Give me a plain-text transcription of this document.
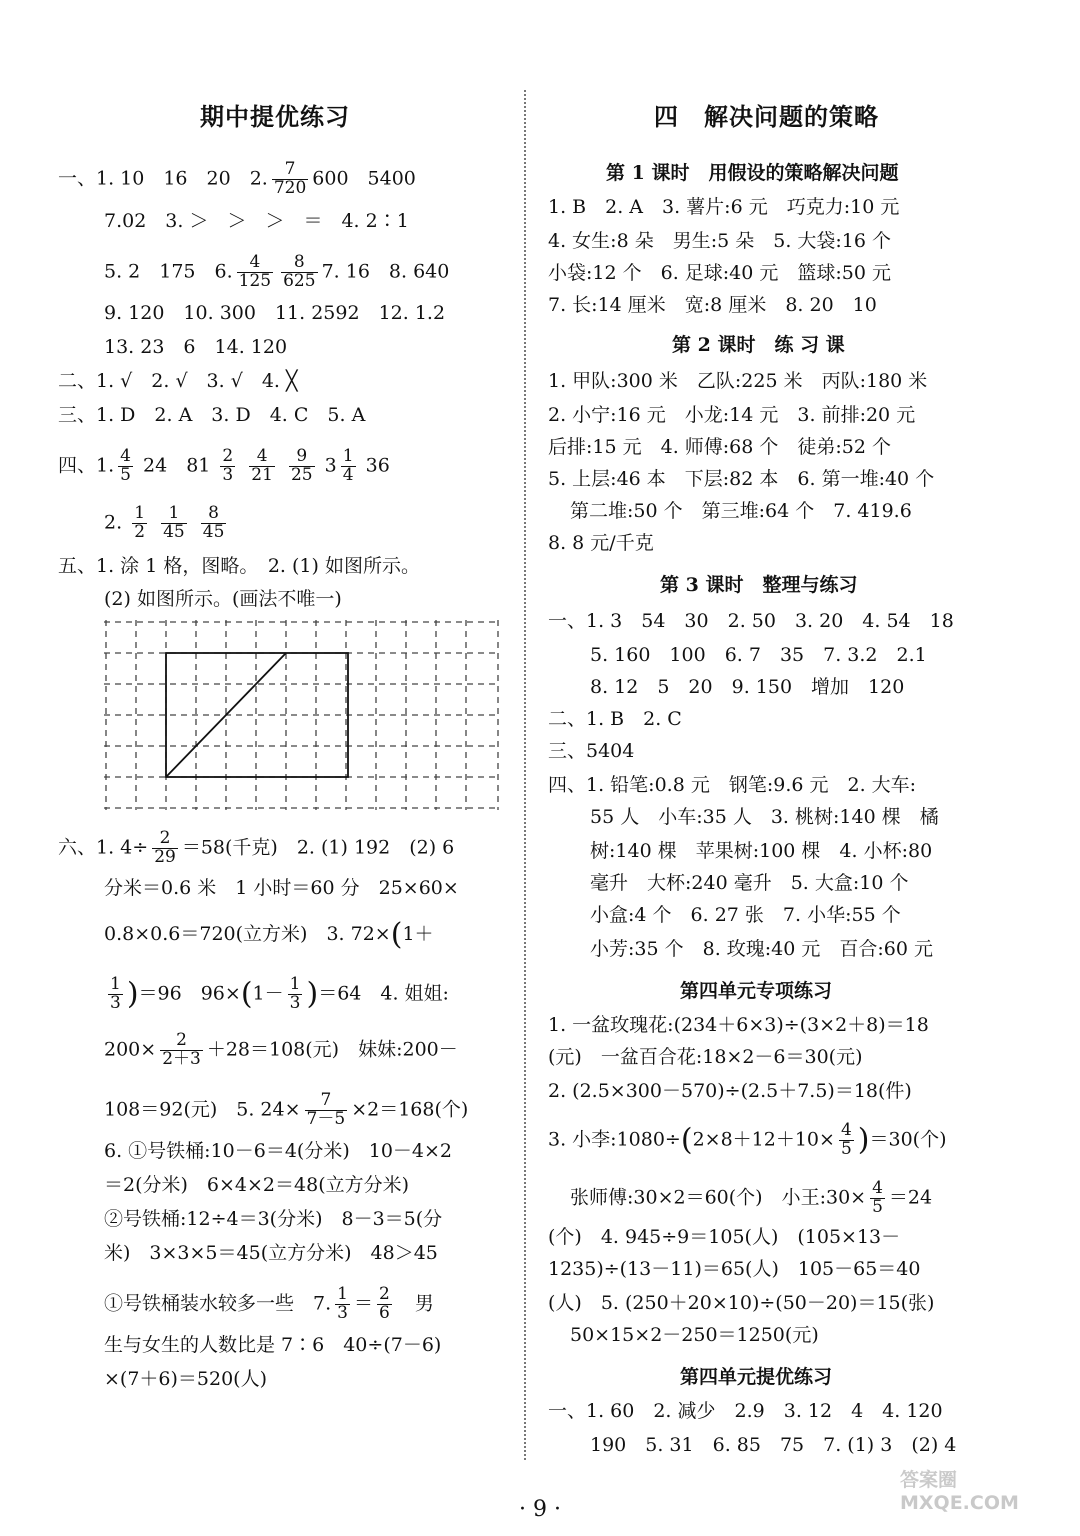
期中提优练习
一、1. 10　16　20　2. $\frac{7}{720} 600$　5400
7.02　3. ＞　＞　＞　＝　4. 2∶1
5. 2　175　6. $\frac{4}{125} \frac{8}{625} 7$. 16　8. 640
9. 120　10. 300　11. 2592　12. 1.2
13. 23　6　14. 120
二、1. √　2. √　3. √　4. ╳
三、1. D　2. A　3. D　4. C　5. A
四、1. $\frac{4}{5} 24$　$81 \frac{2}{3}$
$\frac{4}{21}$
$\frac{9}{25} 3 \frac{1}{4} 36$
2. $\frac{1}{2}$
$\frac{1}{45}$
$\frac{8}{45}$
五、1. 涂 1 格，图略。　2. (1) 如图所示。
(2) 如图所示。(画法不唯一)
六、1. $4\div \frac{2}{29} =58$(千克)　2. (1) 192　(2) 6
分米＝0.6 米　1 小时＝60 分　25×60×
0.8×0.6＝720(立方米)　3. 72×(1＋
$\frac{1}{3} )=96$　$96\times(1- \frac{1}{3} )=64$　4. 姐姐:
$200\times \frac{2}{2+3} +28=108$(元)　妹妹:200－
108＝92(元)　5. $24\times \frac{7}{7-5} \times 2=168$(个)
6. ①号铁桶:10－6＝4(分米)　10－4×2
＝2(分米)　6×4×2＝48(立方分米)
②号铁桶:12÷4＝3(分米)　8－3＝5(分
米)　3×3×5＝45(立方分米)　48＞45
①号铁桶装水较多一些　7. $\frac{1}{3} = \frac{2}{6}$
　 男
生与女生的人数比是 7∶6　40÷(7－6)
×(7＋6)＝520(人)
四　解决问题的策略
第 1 课时　用假设的策略解决问题
1. B　2. A　3. 薯片:6 元　巧克力:10 元
4. 女生:8 朵　男生:5 朵　5. 大袋:16 个
小袋:12 个　6. 足球:40 元　篮球:50 元
7. 长:14 厘米　宽:8 厘米　8. 20　10
第 2 课时　练 习 课
1. 甲队:300 米　乙队:225 米　丙队:180 米
2. 小宁:16 元　小龙:14 元　3. 前排:20 元
后排:15 元　4. 师傅:68 个　徒弟:52 个
5. 上层:46 本　下层:82 本　6. 第一堆:40 个
第二堆:50 个　第三堆:64 个　7. 419.6
8. 8 元/千克
第 3 课时　整理与练习
一、1. 3　54　30　2. 50　3. 20　4. 54　18
5. 160　100　6. 7　35　7. 3.2　2.1
8. 12　5　20　9. 150　增加　120
二、1. B　2. C
三、5404
四、1. 铅笔:0.8 元　钢笔:9.6 元　2. 大车:
55 人　小车:35 人　3. 桃树:140 棵　橘
树:140 棵　苹果树:100 棵　4. 小杯:80
毫升　大杯:240 毫升　5. 大盒:10 个
小盒:4 个　6. 27 张　7. 小华:55 个
小芳:35 个　8. 玫瑰:40 元　百合:60 元
第四单元专项练习
1. 一盆玫瑰花:(234＋6×3)÷(3×2＋8)＝18
(元)　一盆百合花:18×2－6＝30(元)
2. (2.5×300－570)÷(2.5＋7.5)＝18(件)
3. 小李:1080÷(2×8＋12＋10× $\frac{4}{5} )=30$(个)
张师傅:30×2＝60(个)　小王:30× $\frac{4}{5} =24$
(个)　4. 945÷9＝105(人)　(105×13－
1235)÷(13－11)＝65(人)　105－65＝40
(人)　5. (250＋20×10)÷(50－20)＝15(张)
50×15×2－250＝1250(元)
第四单元提优练习
一、1. 60　2. 减少　2.9　3. 12　4　4. 120
190　5. 31　6. 85　75　7. (1) 3　(2) 4
· 9 ·
答案圈 MXQE.COM
